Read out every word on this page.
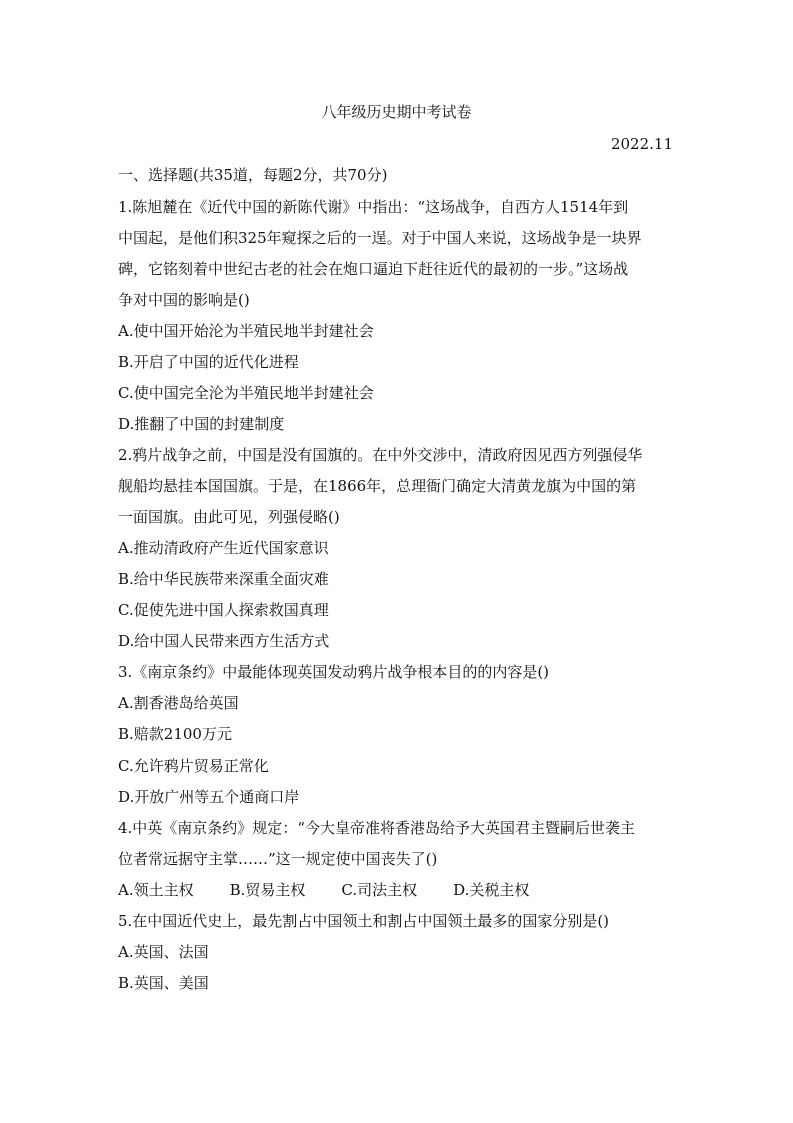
八年级历史期中考试卷
2022.11
一、选择题(共35道，每题2分，共70分)
1.陈旭麓在《近代中国的新陈代谢》中指出：“这场战争，自西方人1514年到
中国起，是他们积325年窥探之后的一逞。对于中国人来说，这场战争是一块界
碑，它铭刻着中世纪古老的社会在炮口逼迫下赶往近代的最初的一步。”这场战
争对中国的影响是()
A.使中国开始沦为半殖民地半封建社会
B.开启了中国的近代化进程
C.使中国完全沦为半殖民地半封建社会
D.推翻了中国的封建制度
2.鸦片战争之前，中国是没有国旗的。在中外交涉中，清政府因见西方列强侵华
舰船均悬挂本国国旗。于是，在1866年，总理衙门确定大清黄龙旗为中国的第
一面国旗。由此可见，列强侵略()
A.推动清政府产生近代国家意识
B.给中华民族带来深重全面灾难
C.促使先进中国人探索救国真理
D.给中国人民带来西方生活方式
3.《南京条约》中最能体现英国发动鸦片战争根本目的的内容是()
A.割香港岛给英国
B.赔款2100万元
C.允许鸦片贸易正常化
D.开放广州等五个通商口岸
4.中英《南京条约》规定：“今大皇帝准将香港岛给予大英国君主暨嗣后世袭主
位者常远据守主掌……”这一规定使中国丧失了()
A.领土主权 B.贸易主权 C.司法主权 D.关税主权
5.在中国近代史上，最先割占中国领土和割占中国领土最多的国家分别是()
A.英国、法国
B.英国、美国
